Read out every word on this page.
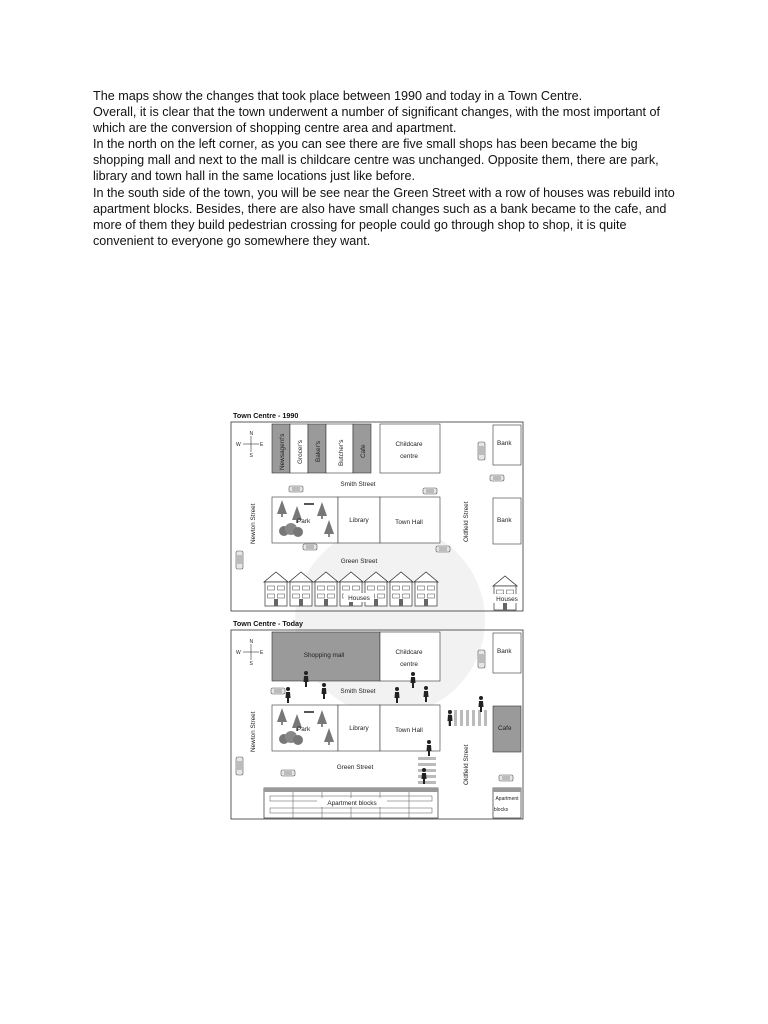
The maps show the changes that took place between 1990 and today in a Town Centre.

Overall, it is clear that the town underwent a number of significant changes, with the most important of which are the conversion of shopping centre area and apartment.

In the north on the left corner, as you can see there are five small shops has been became the big shopping mall and next to the mall is childcare centre was unchanged. Opposite them, there are park, library and town hall in the same locations just like before.

In the south side of the town, you will be see near the Green Street with a row of houses was rebuild into apartment blocks. Besides, there are also have small changes such as a bank became to the cafe, and more of them they build pedestrian crossing for people could go through shop to shop, it is quite convenient to everyone go somewhere they want.

Town Centre - 1990
N
S
E
W	Newsagent's Grocer's Baker's	Butcher's Cafe	Childcare
centre
Bank
Bank
Smith Street
Newton Street	Oldfield Street
Green Street
Park	Library	Town Hall
Houses	Houses
Town Centre - Today
N
S
E
W	Shopping mall	Childcare
centre
Bank
Cafe
Smith Street
Newton Street
Oldfield Street
Green Street
Park	Library	Town Hall
Apartment blocks
Apartment
blocks
